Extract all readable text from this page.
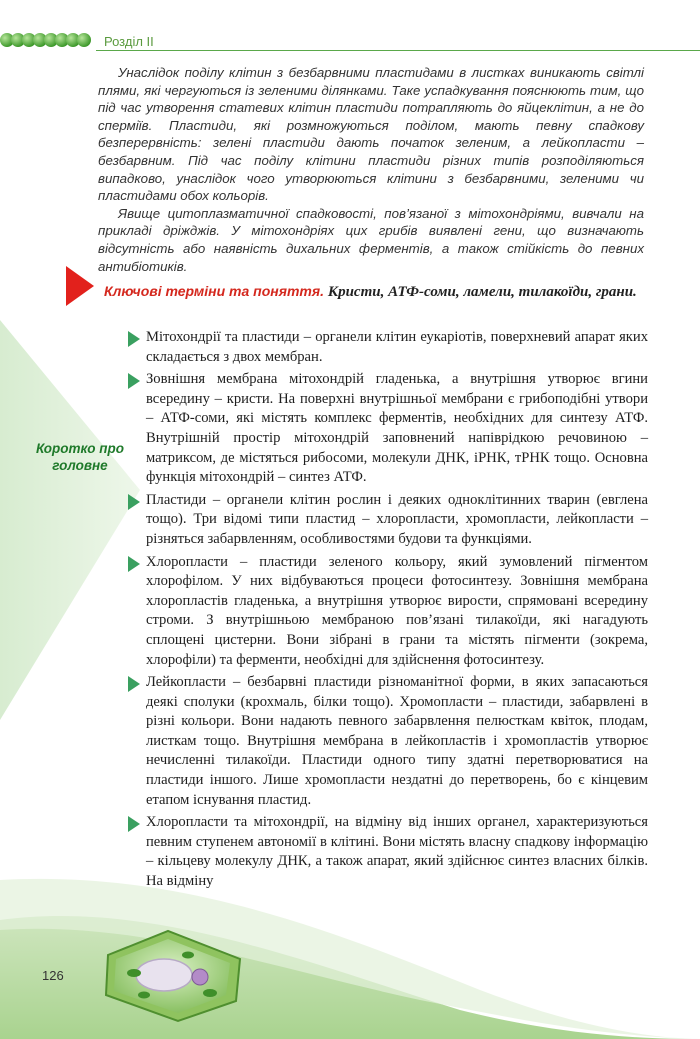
Розділ II

Унаслідок поділу клітин з безбарвними пластидами в листках виникають світлі плями, які чергуються із зеленими ділянками. Таке успадкування пояснюють тим, що під час утворення статевих клітин пластиди потрапляють до яйцеклітин, а не до сперміїв. Пластиди, які розмножуються поділом, мають певну спадкову безперервність: зелені пластиди дають початок зеленим, а лейкопласти – безбарвним. Під час поділу клітини пластиди різних типів розподіляються випадково, унаслідок чого утворюються клітини з безбарвними, зеленими чи пластидами обох кольорів.

Явище цитоплазматичної спадковості, пов’язаної з мітохондріями, вивчали на прикладі дріжджів. У мітохондріях цих грибів виявлені гени, що визначають відсутність або наявність дихальних ферментів, а також стійкість до певних антибіотиків.

Ключові терміни та поняття. Кристи, АТФ-соми, ламели, тилакоїди, грани.
Коротко про головне
Мітохондрії та пластиди – органели клітин еукаріотів, поверхневий апарат яких складається з двох мембран.
Зовнішня мембрана мітохондрій гладенька, а внутрішня утворює вгини всередину – кристи. На поверхні внутрішньої мембрани є грибоподібні утвори – АТФ-соми, які містять комплекс ферментів, необхідних для синтезу АТФ. Внутрішній простір мітохондрій заповнений напіврідкою речовиною – матриксом, де містяться рибосоми, молекули ДНК, іРНК, тРНК тощо. Основна функція мітохондрій – синтез АТФ.
Пластиди – органели клітин рослин і деяких одноклітинних тварин (евглена тощо). Три відомі типи пластид – хлоропласти, хромопласти, лейкопласти – різняться забарвленням, особливостями будови та функціями.
Хлоропласти – пластиди зеленого кольору, який зумовлений пігментом хлорофілом. У них відбуваються процеси фотосинтезу. Зовнішня мембрана хлоропластів гладенька, а внутрішня утворює вирости, спрямовані всередину строми. З внутрішньою мембраною пов’язані тилакоїди, які нагадують сплощені цистерни. Вони зібрані в грани та містять пігменти (зокрема, хлорофіли) та ферменти, необхідні для здійснення фотосинтезу.
Лейкопласти – безбарвні пластиди різноманітної форми, в яких запасаються деякі сполуки (крохмаль, білки тощо). Хромопласти – пластиди, забарвлені в різні кольори. Вони надають певного забарвлення пелюсткам квіток, плодам, листкам тощо. Внутрішня мембрана в лейкопластів і хромопластів утворює нечисленні тилакоїди. Пластиди одного типу здатні перетворюватися на пластиди іншого. Лише хромопласти нездатні до перетворень, бо є кінцевим етапом існування пластид.
Хлоропласти та мітохондрії, на відміну від інших органел, характеризуються певним ступенем автономії в клітині. Вони містять власну спадкову інформацію – кільцеву молекулу ДНК, а також апарат, який здійснює синтез власних білків. На відміну
126
